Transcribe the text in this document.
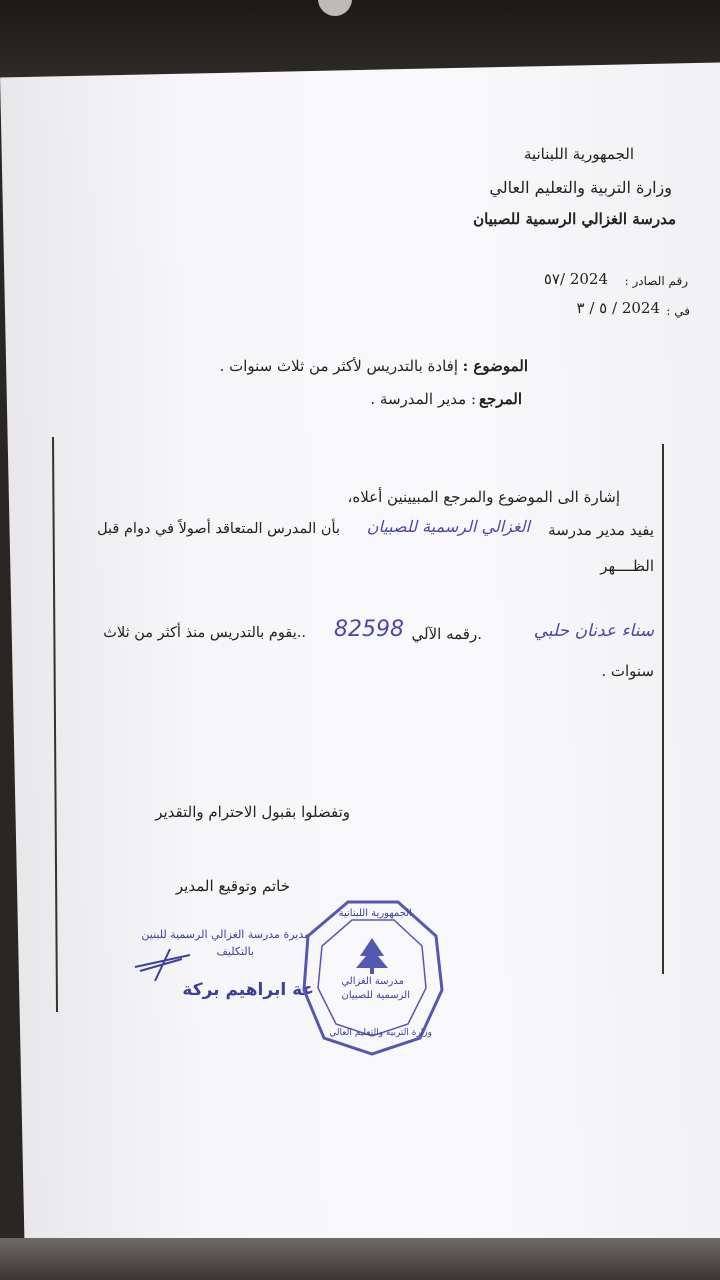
الجمهورية اللبنانية
وزارة التربية والتعليم العالي
مدرسة الغزالي الرسمية للصبيان
رقم الصادر :
2024 /٥٧
في :
2024 / ٥ / ٣
الموضوع :
إفادة بالتدريس لأكثر من ثلاث سنوات .
المرجع
: مدير المدرسة .
إشارة الى الموضوع والمرجع المبيينين أعلاه،
يفيد مدير مدرسة
الغزالي الرسمية للصبيان
بأن المدرس المتعاقد أصولاً في دوام قبل
الظــــهر
سناء عدنان حلبي
.رقمه الآلي
82598
..يقوم بالتدريس منذ أكثر من ثلاث
سنوات .
وتفضلوا بقبول الاحترام والتقدير
خاتم وتوقيع المدير
مديرة مدرسة الغزالي الرسمية للبنين
بالتكليف
عة ابراهيم بركة
الجمهورية اللبنانية
مدرسة الغزالي
الرسمية للصبيان
وزارة التربية والتعليم العالي
